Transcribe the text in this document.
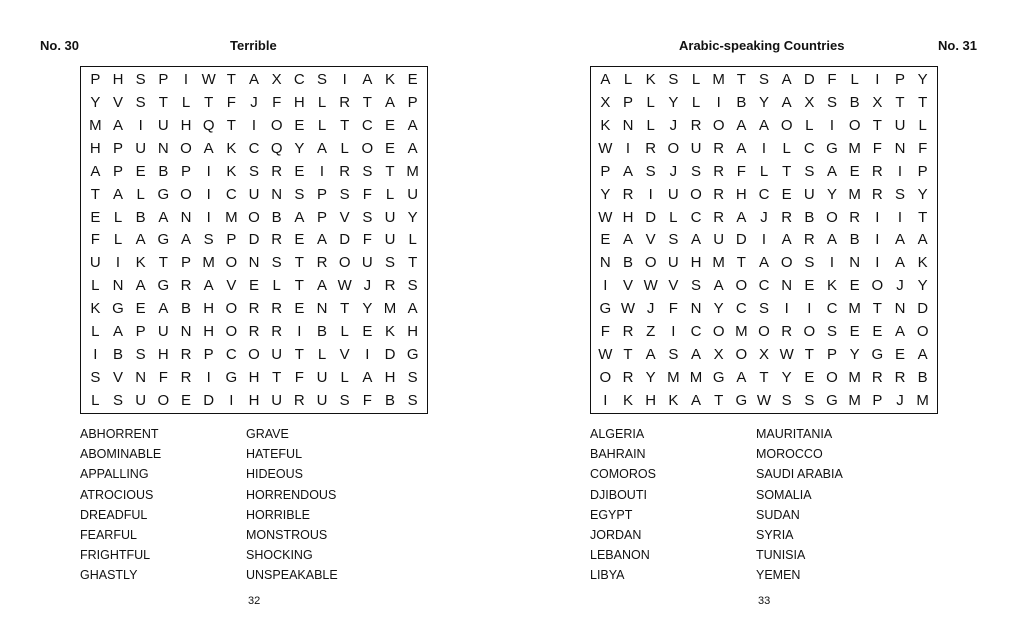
No. 30	Terrible
P H S P	I W T A X C S	I	A K E
Y V S T L T F J F H L R T A P
M A	I	U H Q T	I O E L T C E A
H P U N O A K C Q Y A L O E A
A P E B P	I	K S R E	I	R S T M
T A L G O I	C U N S P S F L U
E L B A N	I M O B A P V S U Y
F L A G A S P D R E A D F U L
U	I	K T P M O N S T R O U S T
L N A G R A V E L T A W J R S
K G E A B H O R R E N T Y M A
L A P U N H O R R	I	B L E K H
I	B S H R P C O U T L V	I	D G
S V N F R	I G H T F U L A H S
L S U O E D	I	H U R U S F B S
ABHORRENT
ABOMINABLE
APPALLING
ATROCIOUS
DREADFUL
FEARFUL
FRIGHTFUL
GHASTLY
GRAVE
HATEFUL
HIDEOUS
HORRENDOUS
HORRIBLE
MONSTROUS
SHOCKING
UNSPEAKABLE
32
Arabic-speaking Countries	No. 31
A L K S L M T S A D F L	I	P Y
X P L Y L	I	B Y A X S B X T T
K N L J R O A A O L	I O T U L
W I	R O U R A	I	L C G M F N F
P A S J S R F L T S A E R	I	P
Y R	I	U O R H C E U Y M R S Y
W H D L C R A J R B O R	I	I	T
E A V S A U D	I	A R A B	I	A A
N B O U H M T A O S	I	N	I	A K
I	V W V S A O C N E K E O J Y
G W J F N Y C S	I	I	C M T N D
F R Z	I	C O M O R O S E E A O
W T A S A X O X W T P Y G E A
O R Y M M G A T Y E O M R R B
I	K H K A T G W S S G M P J M
ALGERIA
BAHRAIN
COMOROS
DJIBOUTI
EGYPT
JORDAN
LEBANON
LIBYA
MAURITANIA
MOROCCO
SAUDI ARABIA
SOMALIA
SUDAN
SYRIA
TUNISIA
YEMEN
33
